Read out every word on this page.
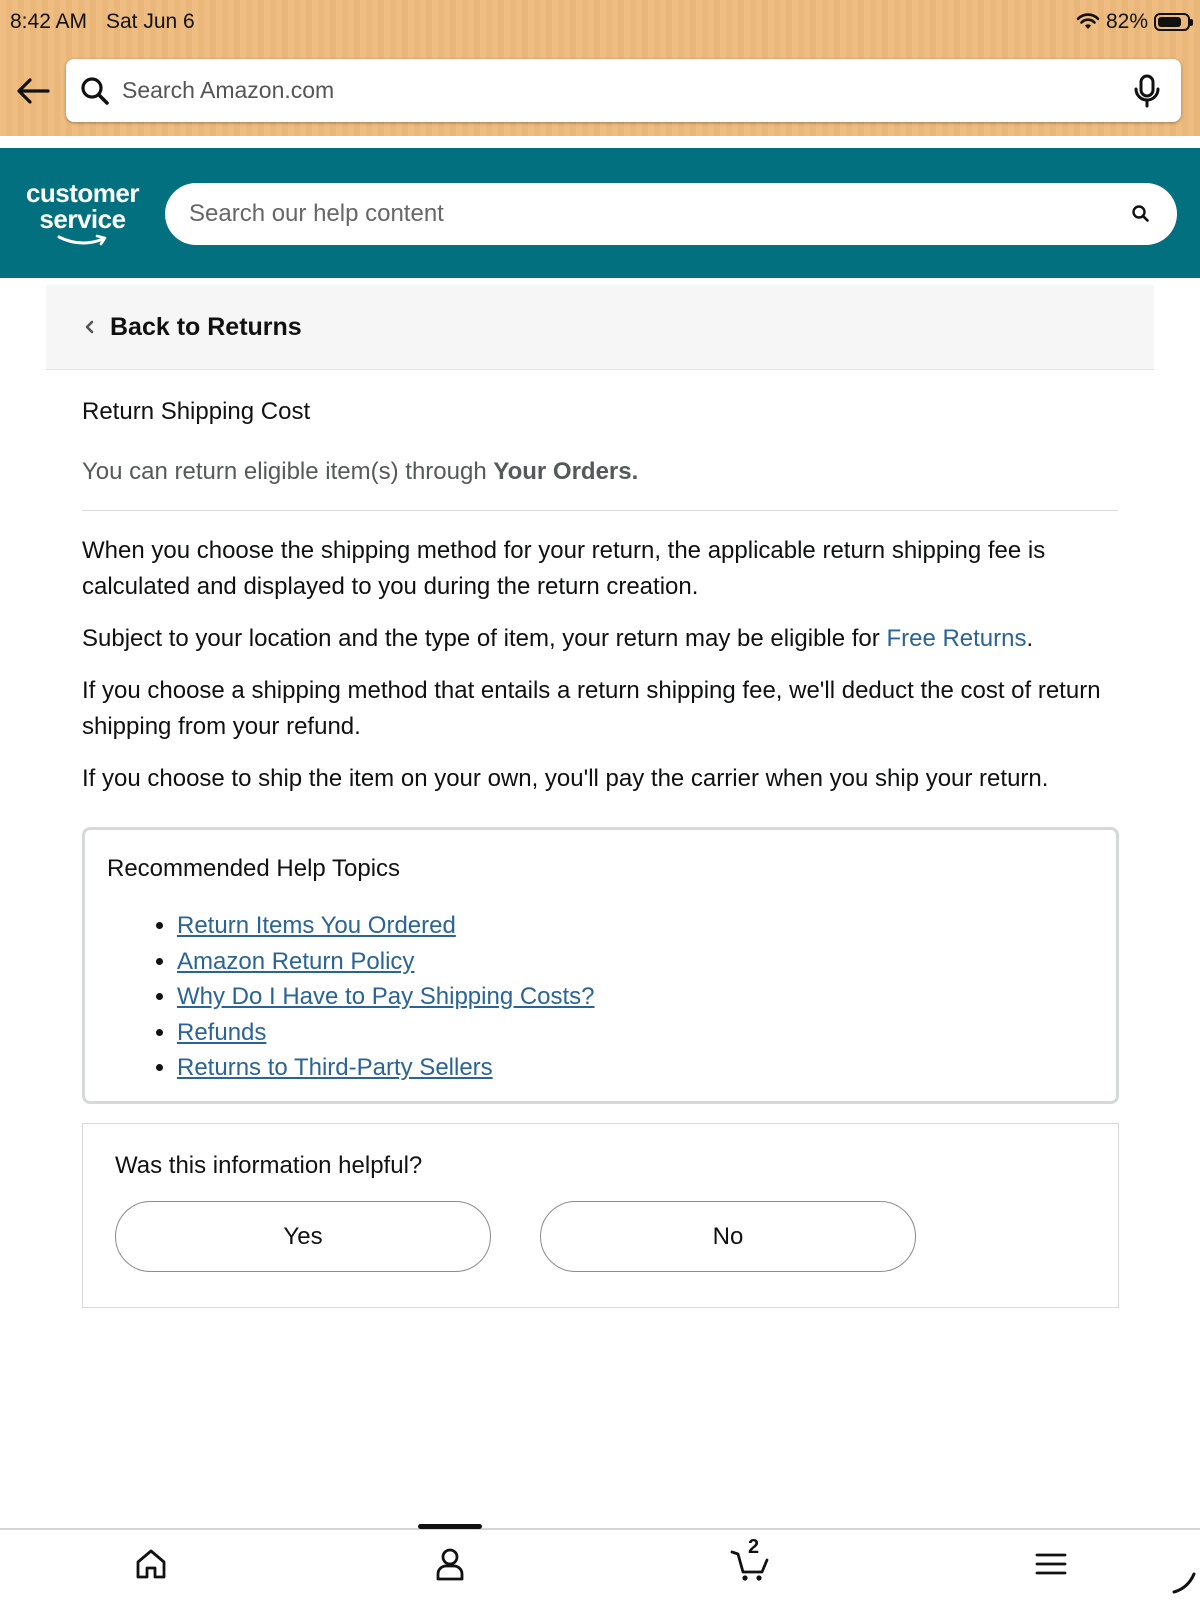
8:42 AM Sat Jun 6	82%
Search Amazon.com
customer
service	Search our help content
Back to Returns
Return Shipping Cost
You can return eligible item(s) through Your Orders.

When you choose the shipping method for your return, the applicable return shipping fee is calculated and displayed to you during the return creation.

Subject to your location and the type of item, your return may be eligible for Free Returns.

If you choose a shipping method that entails a return shipping fee, we'll deduct the cost of return shipping from your refund.

If you choose to ship the item on your own, you'll pay the carrier when you ship your return.

Recommended Help Topics
• Return Items You Ordered
• Amazon Return Policy
• Why Do I Have to Pay Shipping Costs?
• Refunds
• Returns to Third-Party Sellers
Was this information helpful?
Yes	No
2
